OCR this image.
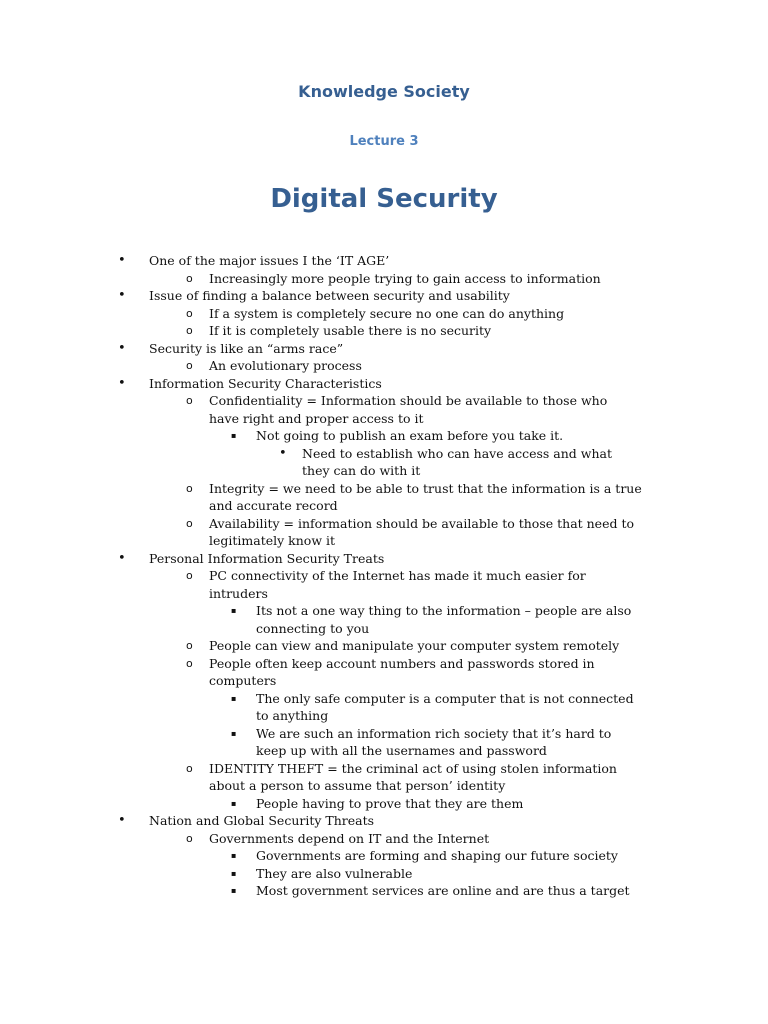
Knowledge Society
Lecture 3
Digital Security
• One of the major issues I the ‘IT AGE’
o Increasingly more people trying to gain access to information
• Issue of finding a balance between security and usability
o If a system is completely secure no one can do anything
o If it is completely usable there is no security
• Security is like an “arms race”
o An evolutionary process
• Information Security Characteristics
o Confidentiality = Information should be available to those who
have right and proper access to it
▪ Not going to publish an exam before you take it.
• Need to establish who can have access and what
they can do with it
o Integrity = we need to be able to trust that the information is a true
and accurate record
o Availability = information should be available to those that need to
legitimately know it
• Personal Information Security Treats
o PC connectivity of the Internet has made it much easier for
intruders
▪ Its not a one way thing to the information – people are also
connecting to you
o People can view and manipulate your computer system remotely
o People often keep account numbers and passwords stored in
computers
▪ The only safe computer is a computer that is not connected
to anything
▪ We are such an information rich society that it’s hard to
keep up with all the usernames and password
o IDENTITY THEFT = the criminal act of using stolen information
about a person to assume that person’ identity
▪ People having to prove that they are them
• Nation and Global Security Threats
o Governments depend on IT and the Internet
▪ Governments are forming and shaping our future society
▪ They are also vulnerable
▪ Most government services are online and are thus a target
